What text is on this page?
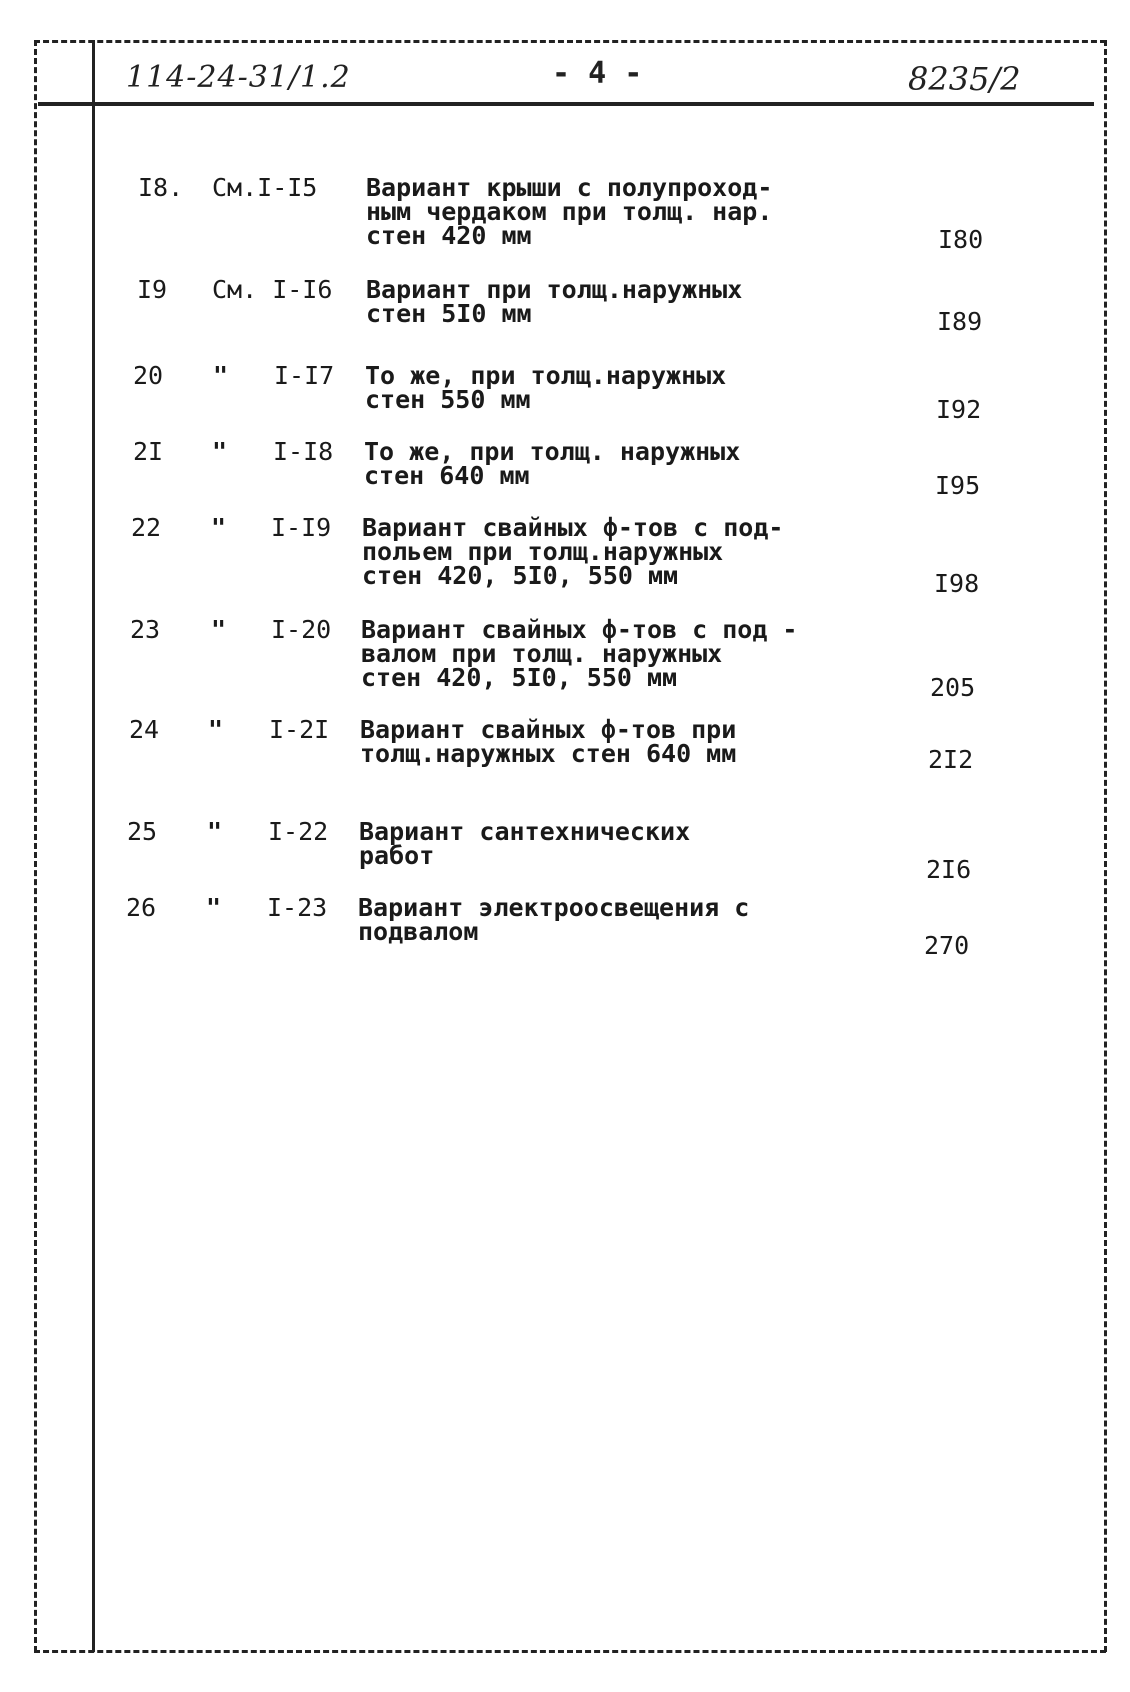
114-24-31/1.2	- 4 -	8235/2
I8. См.I-I5 Вариант крыши с полупроход-
ным чердаком при толщ. нар.
стен 420 мм	I80
I9 См. I-I6 Вариант при толщ.наружных
стен 5I0 мм	I89
20 " I-I7 То же, при толщ.наружных
стен 550 мм	I92
2I " I-I8 То же, при толщ. наружных
стен 640 мм	I95
22 " I-I9 Вариант свайных ф-тов с под-
польем при толщ.наружных
стен 420, 5I0, 550 мм	I98
23 " I-20 Вариант свайных ф-тов с под -
валом при толщ. наружных
стен 420, 5I0, 550 мм	205
24 " I-2I Вариант свайных ф-тов при
толщ.наружных стен 640 мм	2I2
25 " I-22 Вариант сантехнических
работ	2I6
26 " I-23 Вариант электроосвещения с
подвалом	270
